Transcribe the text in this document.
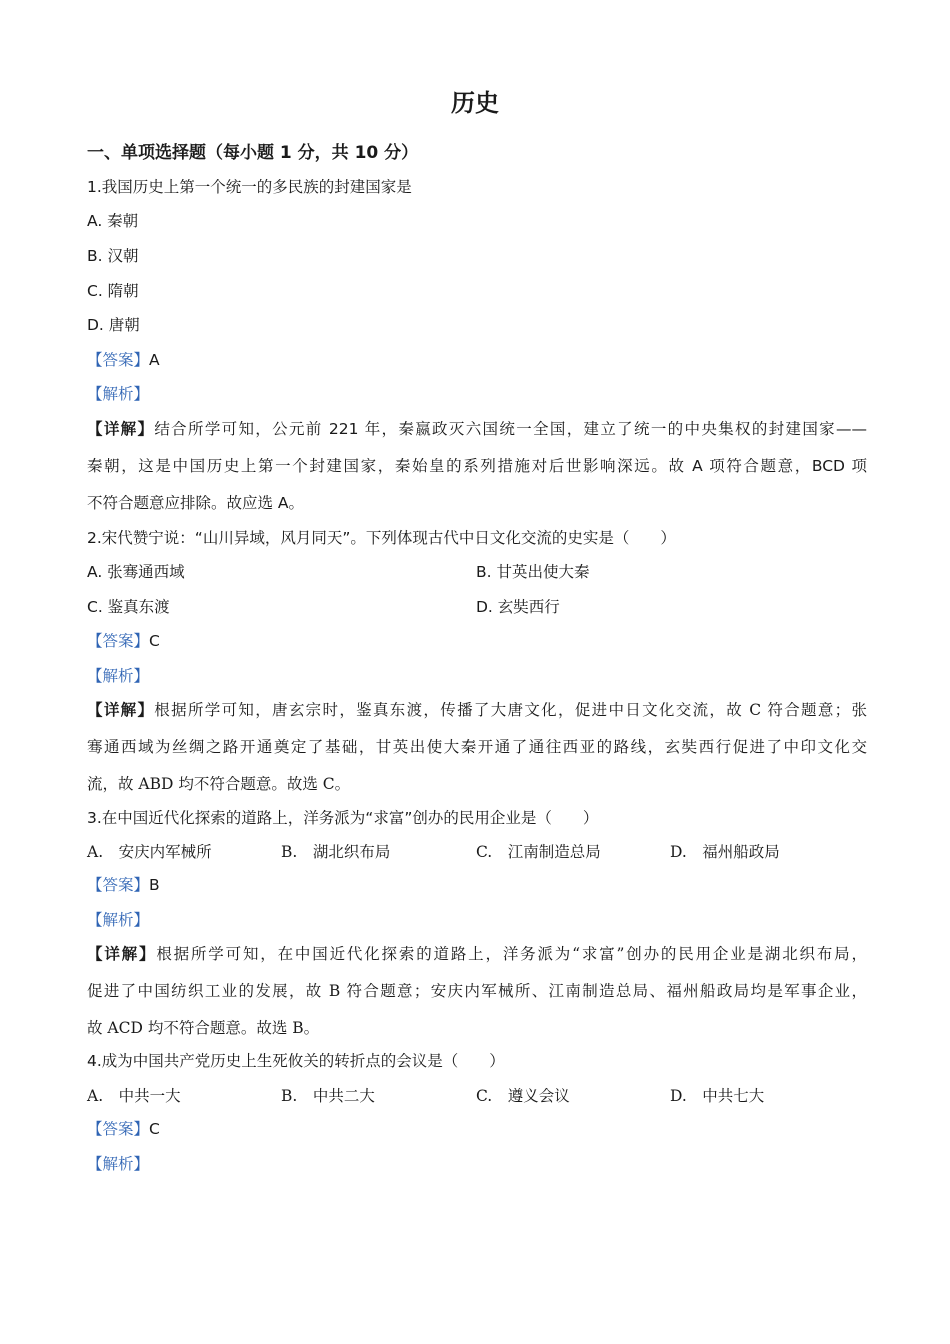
历史
一、单项选择题（每小题 1 分，共 10 分）
1.我国历史上第一个统一的多民族的封建国家是
A. 秦朝
B. 汉朝
C. 隋朝
D. 唐朝
【答案】A
【解析】
【详解】结合所学可知，公元前 221 年，秦嬴政灭六国统一全国，建立了统一的中央集权的封建国家——
秦朝，这是中国历史上第一个封建国家，秦始皇的系列措施对后世影响深远。故 A 项符合题意，BCD 项
不符合题意应排除。故应选 A。
2.宋代赞宁说：“山川异域，风月同天”。下列体现古代中日文化交流的史实是（　　）
A. 张骞通西域	B. 甘英出使大秦
C. 鉴真东渡	D. 玄奘西行
【答案】C
【解析】
【详解】根据所学可知，唐玄宗时，鉴真东渡，传播了大唐文化，促进中日文化交流，故 C 符合题意；张
骞通西域为丝绸之路开通奠定了基础，甘英出使大秦开通了通往西亚的路线，玄奘西行促进了中印文化交
流，故 ABD 均不符合题意。故选 C。
3.在中国近代化探索的道路上，洋务派为“求富”创办的民用企业是（　　）
A.　安庆内军械所	B.　湖北织布局	C.　江南制造总局	D.　福州船政局
【答案】B
【解析】
【详解】根据所学可知，在中国近代化探索的道路上，洋务派为“求富”创办的民用企业是湖北织布局，
促进了中国纺织工业的发展，故 B 符合题意；安庆内军械所、江南制造总局、福州船政局均是军事企业，
故 ACD 均不符合题意。故选 B。
4.成为中国共产党历史上生死攸关的转折点的会议是（　　）
A.　中共一大	B.　中共二大	C.　遵义会议	D.　中共七大
【答案】C
【解析】
